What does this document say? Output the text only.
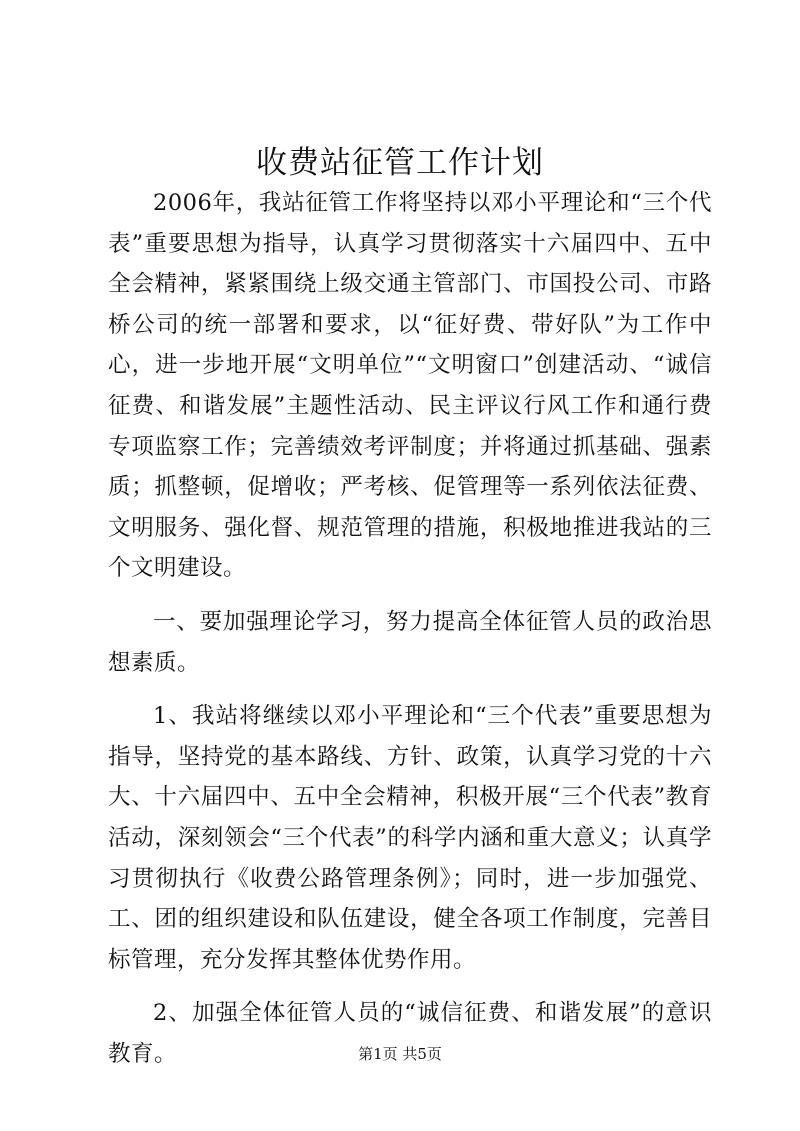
收费站征管工作计划

2006年，我站征管工作将坚持以邓小平理论和“三个代表”重要思想为指导，认真学习贯彻落实十六届四中、五中全会精神，紧紧围绕上级交通主管部门、市国投公司、市路桥公司的统一部署和要求，以“征好费、带好队”为工作中心，进一步地开展“文明单位”“文明窗口”创建活动、“诚信征费、和谐发展”主题性活动、民主评议行风工作和通行费专项监察工作；完善绩效考评制度；并将通过抓基础、强素质；抓整顿，促增收；严考核、促管理等一系列依法征费、文明服务、强化督、规范管理的措施，积极地推进我站的三个文明建设。

一、要加强理论学习，努力提高全体征管人员的政治思想素质。

1、我站将继续以邓小平理论和“三个代表”重要思想为指导，坚持党的基本路线、方针、政策，认真学习党的十六大、十六届四中、五中全会精神，积极开展“三个代表”教育活动，深刻领会“三个代表”的科学内涵和重大意义；认真学习贯彻执行《收费公路管理条例》；同时，进一步加强党、工、团的组织建设和队伍建设，健全各项工作制度，完善目标管理，充分发挥其整体优势作用。

2、加强全体征管人员的“诚信征费、和谐发展”的意识教育。	第1页 共5页
